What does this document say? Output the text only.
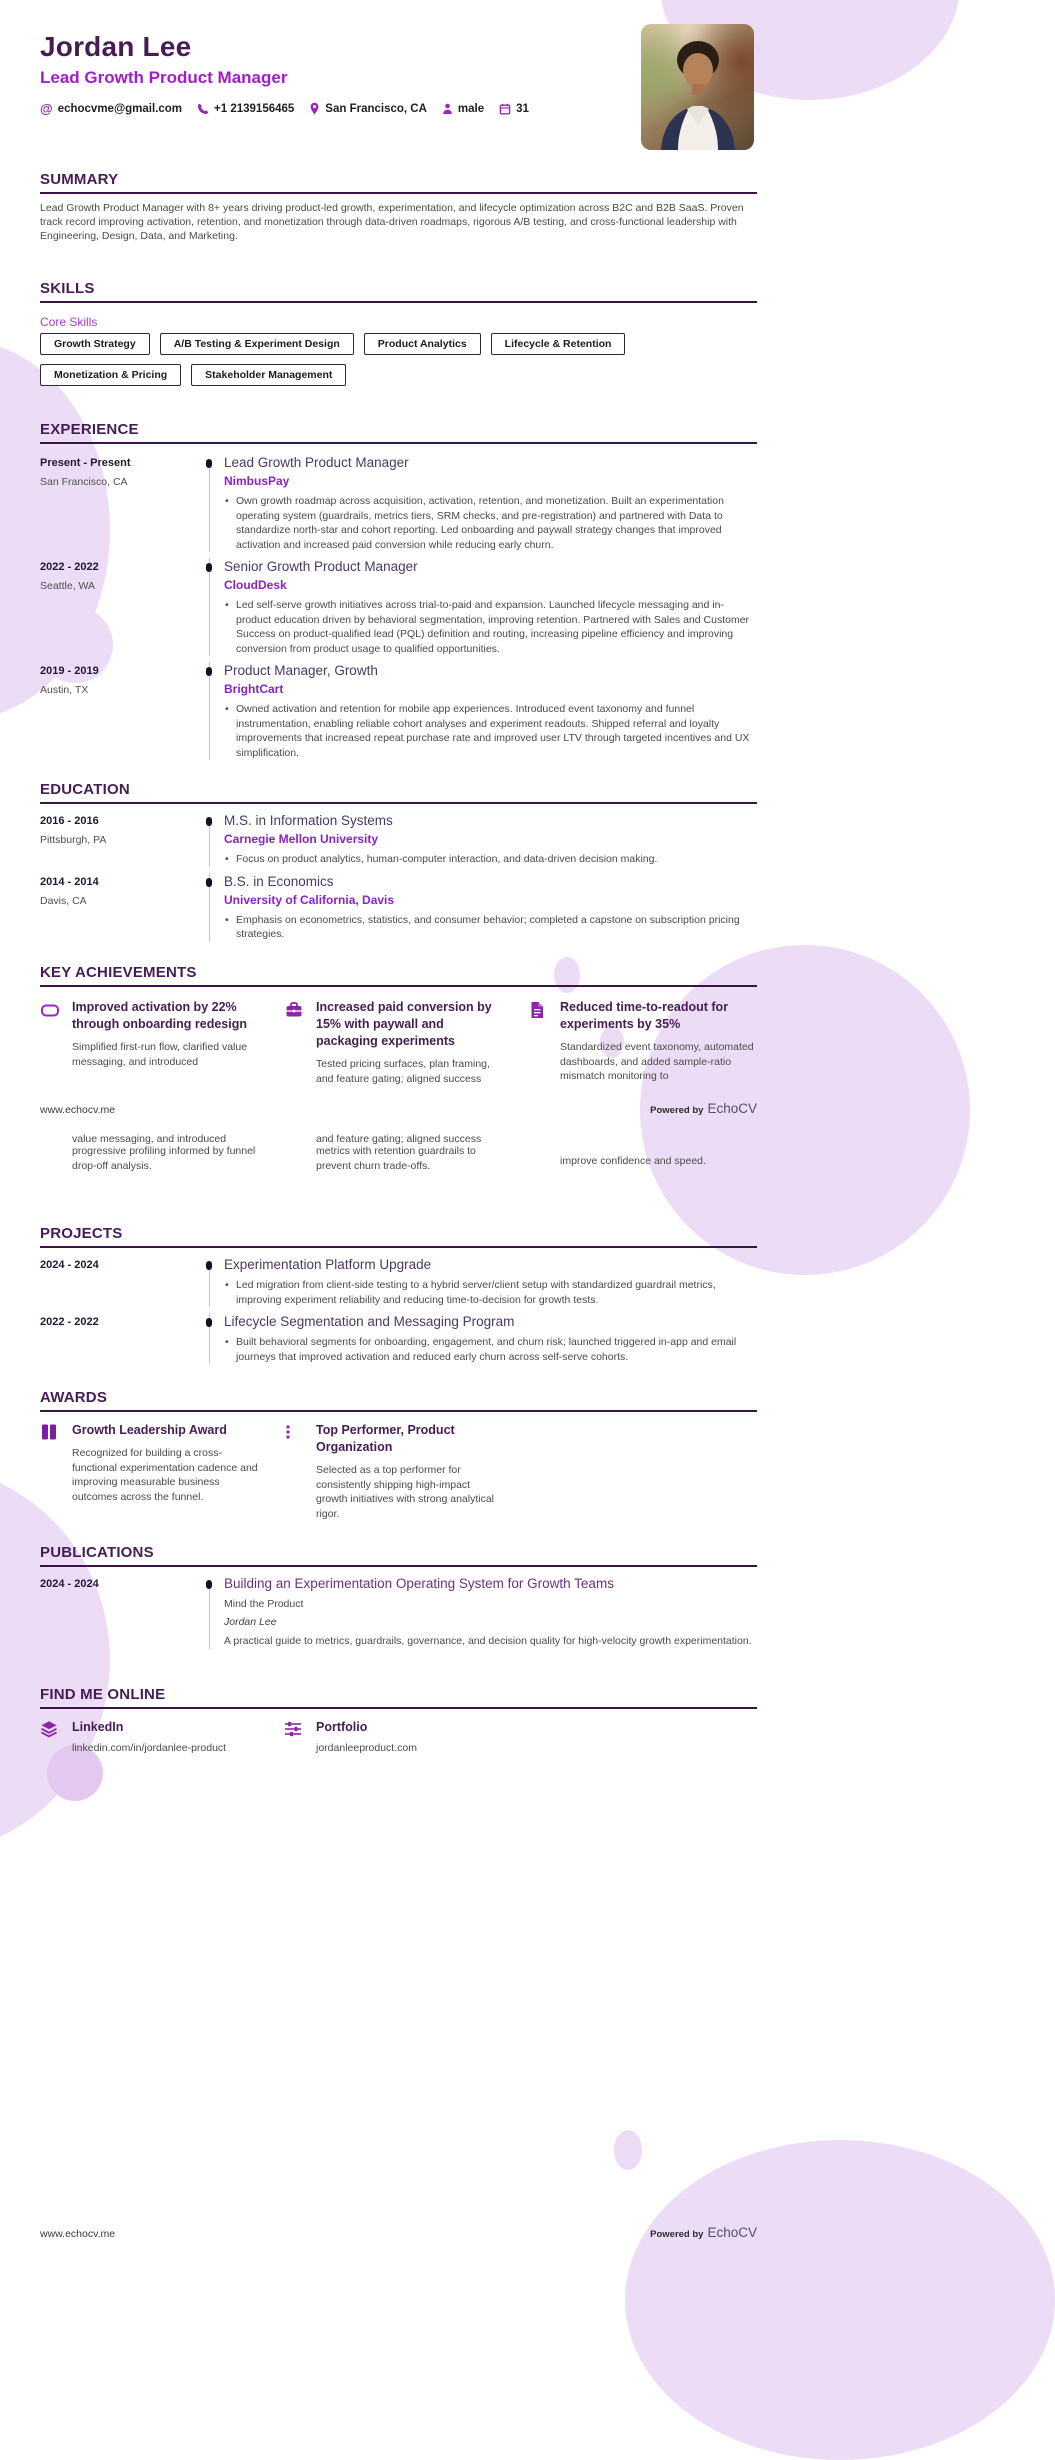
Jordan Lee
Lead Growth Product Manager
@ echocvme@gmail.com	+1 2139156465	San Francisco, CA	male	31
SUMMARY
Lead Growth Product Manager with 8+ years driving product-led growth, experimentation, and lifecycle optimization across B2C and B2B SaaS. Proven track record improving activation, retention, and monetization through data-driven roadmaps, rigorous A/B testing, and cross-functional leadership with Engineering, Design, Data, and Marketing.
SKILLS
Core Skills
Growth Strategy	A/B Testing & Experiment Design	Product Analytics	Lifecycle & Retention
Monetization & Pricing	Stakeholder Management
EXPERIENCE
Present - Present
San Francisco, CA
Lead Growth Product Manager
NimbusPay
• Own growth roadmap across acquisition, activation, retention, and monetization. Built an experimentation operating system (guardrails, metrics tiers, SRM checks, and pre-registration) and partnered with Data to standardize north-star and cohort reporting. Led onboarding and paywall strategy changes that improved activation and increased paid conversion while reducing early churn.
2022 - 2022
Seattle, WA
Senior Growth Product Manager
CloudDesk
• Led self-serve growth initiatives across trial-to-paid and expansion. Launched lifecycle messaging and in-product education driven by behavioral segmentation, improving retention. Partnered with Sales and Customer Success on product-qualified lead (PQL) definition and routing, increasing pipeline efficiency and improving conversion from product usage to qualified opportunities.
2019 - 2019
Austin, TX
Product Manager, Growth
BrightCart
• Owned activation and retention for mobile app experiences. Introduced event taxonomy and funnel instrumentation, enabling reliable cohort analyses and experiment readouts. Shipped referral and loyalty improvements that increased repeat purchase rate and improved user LTV through targeted incentives and UX simplification.
EDUCATION
2016 - 2016
Pittsburgh, PA
M.S. in Information Systems
Carnegie Mellon University
• Focus on product analytics, human-computer interaction, and data-driven decision making.
2014 - 2014
Davis, CA
B.S. in Economics
University of California, Davis
• Emphasis on econometrics, statistics, and consumer behavior; completed a capstone on subscription pricing strategies.
KEY ACHIEVEMENTS
Improved activation by 22% through onboarding redesign
Simplified first-run flow, clarified value messaging, and introduced
Increased paid conversion by 15% with paywall and packaging experiments
Tested pricing surfaces, plan framing, and feature gating; aligned success
Reduced time-to-readout for experiments by 35%
Standardized event taxonomy, automated dashboards, and added sample-ratio mismatch monitoring to
www.echocv.me	Powered by EchoCV
value messaging, and introduced
progressive profiling informed by funnel drop-off analysis.
and feature gating; aligned success
metrics with retention guardrails to prevent churn trade-offs.	improve confidence and speed.
PROJECTS
2024 - 2024	Experimentation Platform Upgrade
• Led migration from client-side testing to a hybrid server/client setup with standardized guardrail metrics, improving experiment reliability and reducing time-to-decision for growth tests.
2022 - 2022	Lifecycle Segmentation and Messaging Program
• Built behavioral segments for onboarding, engagement, and churn risk; launched triggered in-app and email journeys that improved activation and reduced early churn across self-serve cohorts.
AWARDS
Growth Leadership Award
Recognized for building a cross-functional experimentation cadence and improving measurable business outcomes across the funnel.
Top Performer, Product Organization
Selected as a top performer for consistently shipping high-impact growth initiatives with strong analytical rigor.
PUBLICATIONS
2024 - 2024	Building an Experimentation Operating System for Growth Teams
Mind the Product
Jordan Lee
A practical guide to metrics, guardrails, governance, and decision quality for high-velocity growth experimentation.
FIND ME ONLINE
LinkedIn
linkedin.com/in/jordanlee-product
Portfolio
jordanleeproduct.com
www.echocv.me	Powered by EchoCV
